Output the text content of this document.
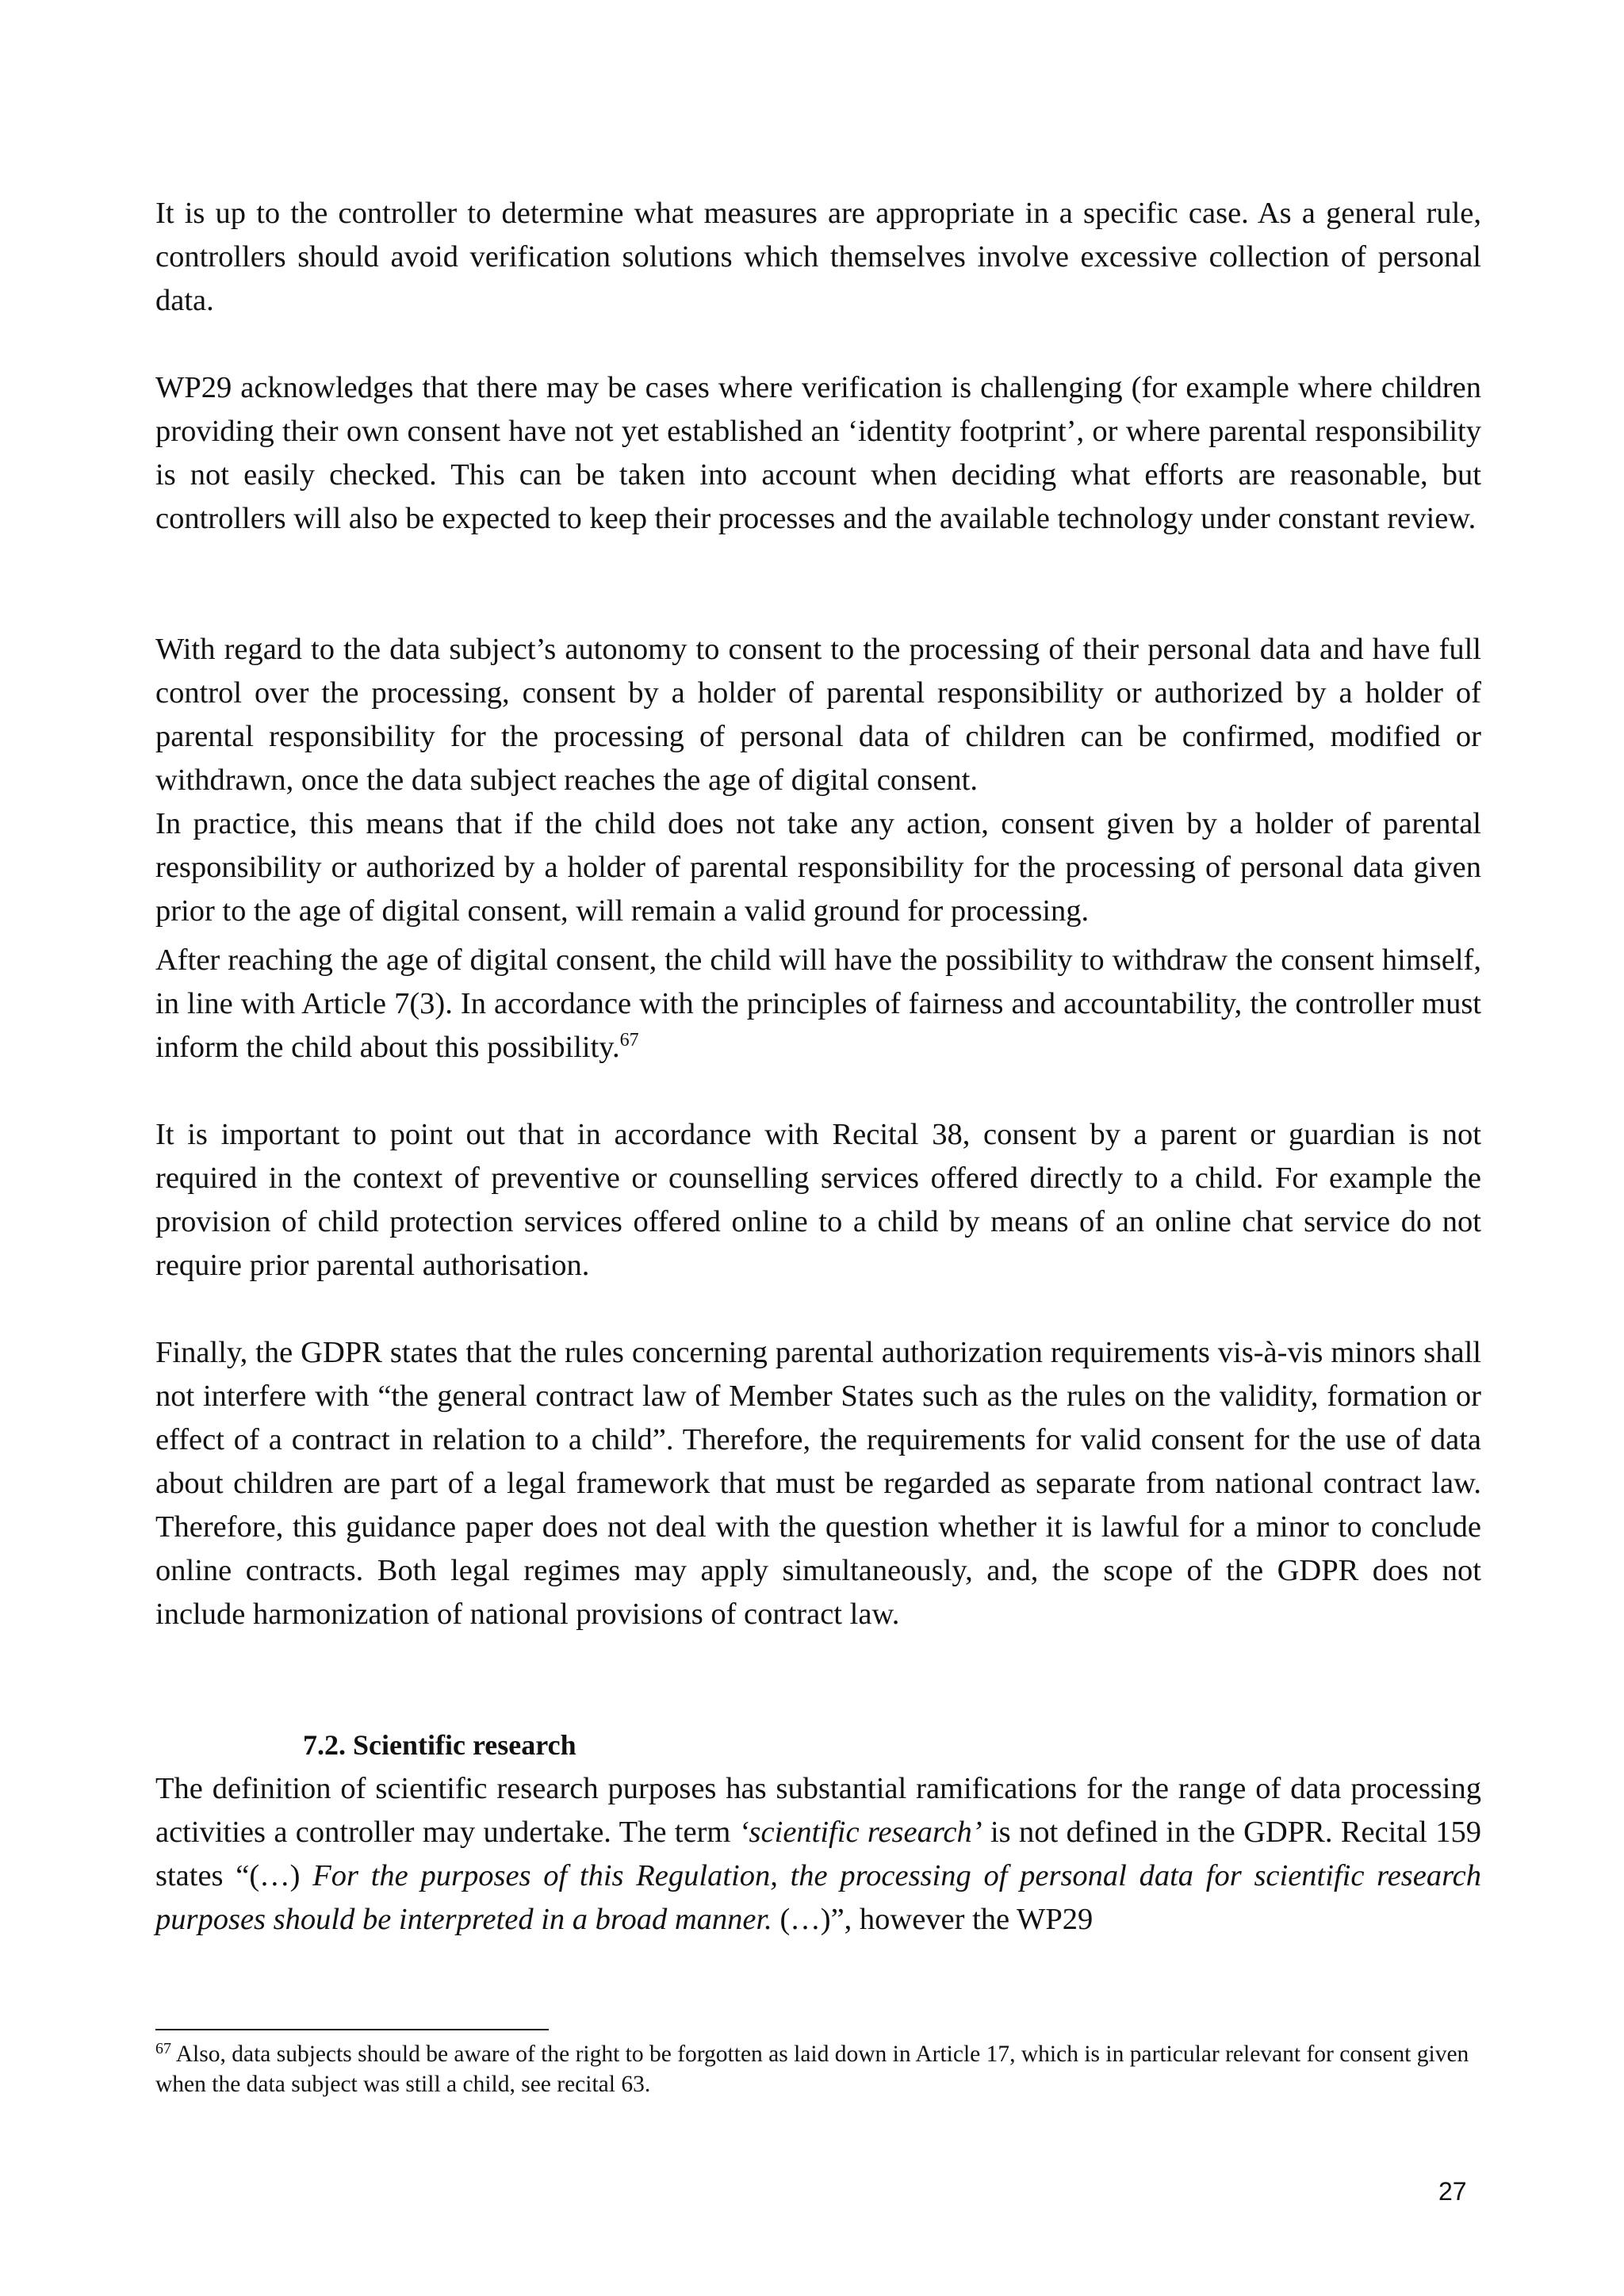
It is up to the controller to determine what measures are appropriate in a specific case. As a general rule, controllers should avoid verification solutions which themselves involve excessive collection of personal data.

WP29 acknowledges that there may be cases where verification is challenging (for example where children providing their own consent have not yet established an ‘identity footprint’, or where parental responsibility is not easily checked. This can be taken into account when deciding what efforts are reasonable, but controllers will also be expected to keep their processes and the available technology under constant review.

With regard to the data subject’s autonomy to consent to the processing of their personal data and have full control over the processing, consent by a holder of parental responsibility or authorized by a holder of parental responsibility for the processing of personal data of children can be confirmed, modified or withdrawn, once the data subject reaches the age of digital consent.

In practice, this means that if the child does not take any action, consent given by a holder of parental responsibility or authorized by a holder of parental responsibility for the processing of personal data given prior to the age of digital consent, will remain a valid ground for processing.

After reaching the age of digital consent, the child will have the possibility to withdraw the consent himself, in line with Article 7(3). In accordance with the principles of fairness and accountability, the controller must inform the child about this possibility.$^{67}$

It is important to point out that in accordance with Recital 38, consent by a parent or guardian is not required in the context of preventive or counselling services offered directly to a child. For example the provision of child protection services offered online to a child by means of an online chat service do not require prior parental authorisation.

Finally, the GDPR states that the rules concerning parental authorization requirements vis-à-vis minors shall not interfere with “the general contract law of Member States such as the rules on the validity, formation or effect of a contract in relation to a child”. Therefore, the requirements for valid consent for the use of data about children are part of a legal framework that must be regarded as separate from national contract law. Therefore, this guidance paper does not deal with the question whether it is lawful for a minor to conclude online contracts. Both legal regimes may apply simultaneously, and, the scope of the GDPR does not include harmonization of national provisions of contract law.

7.2. Scientific research

The definition of scientific research purposes has substantial ramifications for the range of data processing activities a controller may undertake. The term ‘scientific research’ is not defined in the GDPR. Recital 159 states “(…) For the purposes of this Regulation, the processing of personal data for scientific research purposes should be interpreted in a broad manner. (…)”, however the WP29

$^{67}$ Also, data subjects should be aware of the right to be forgotten as laid down in Article 17, which is in particular relevant for consent given when the data subject was still a child, see recital 63.

27
